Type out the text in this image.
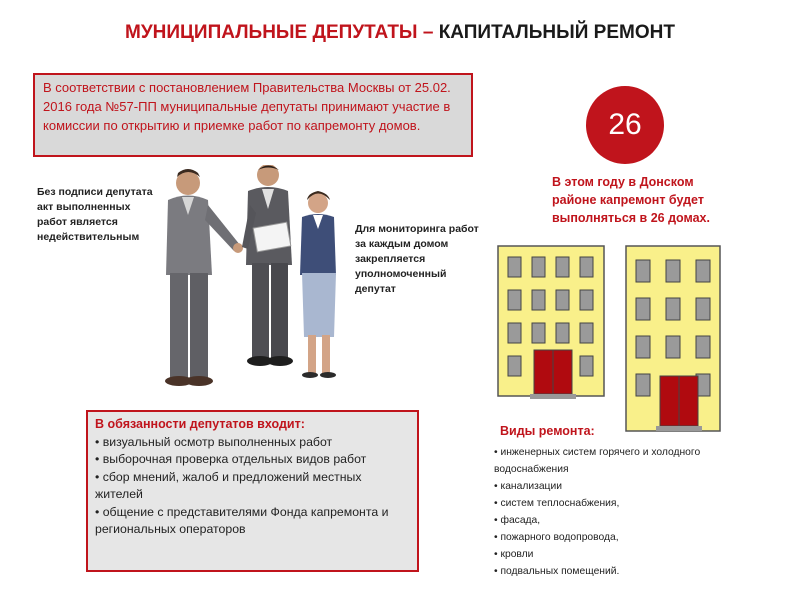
МУНИЦИПАЛЬНЫЕ ДЕПУТАТЫ – КАПИТАЛЬНЫЙ РЕМОНТ
В соответствии с постановлением Правительства Москвы от 25.02. 2016 года №57-ПП муниципальные депутаты принимают участие в комиссии по открытию и приемке работ по капремонту домов.	26
В этом году в Донском районе капремонт будет выполняться в 26 домах.
Без подписи депутата акт выполненных работ является недействительным
Для мониторинга работ за каждым домом закрепляется уполномоченный депутат
В обязанности депутатов входит:
• визуальный осмотр выполненных работ
• выборочная проверка отдельных видов работ
• сбор мнений, жалоб и предложений местных жителей
• общение с представителями Фонда капремонта и региональных операторов
Виды ремонта:
• инженерных систем горячего и холодного водоснабжения
• канализации
• систем теплоснабжения,
• фасада,
• пожарного водопровода,
• кровли
• подвальных помещений.
